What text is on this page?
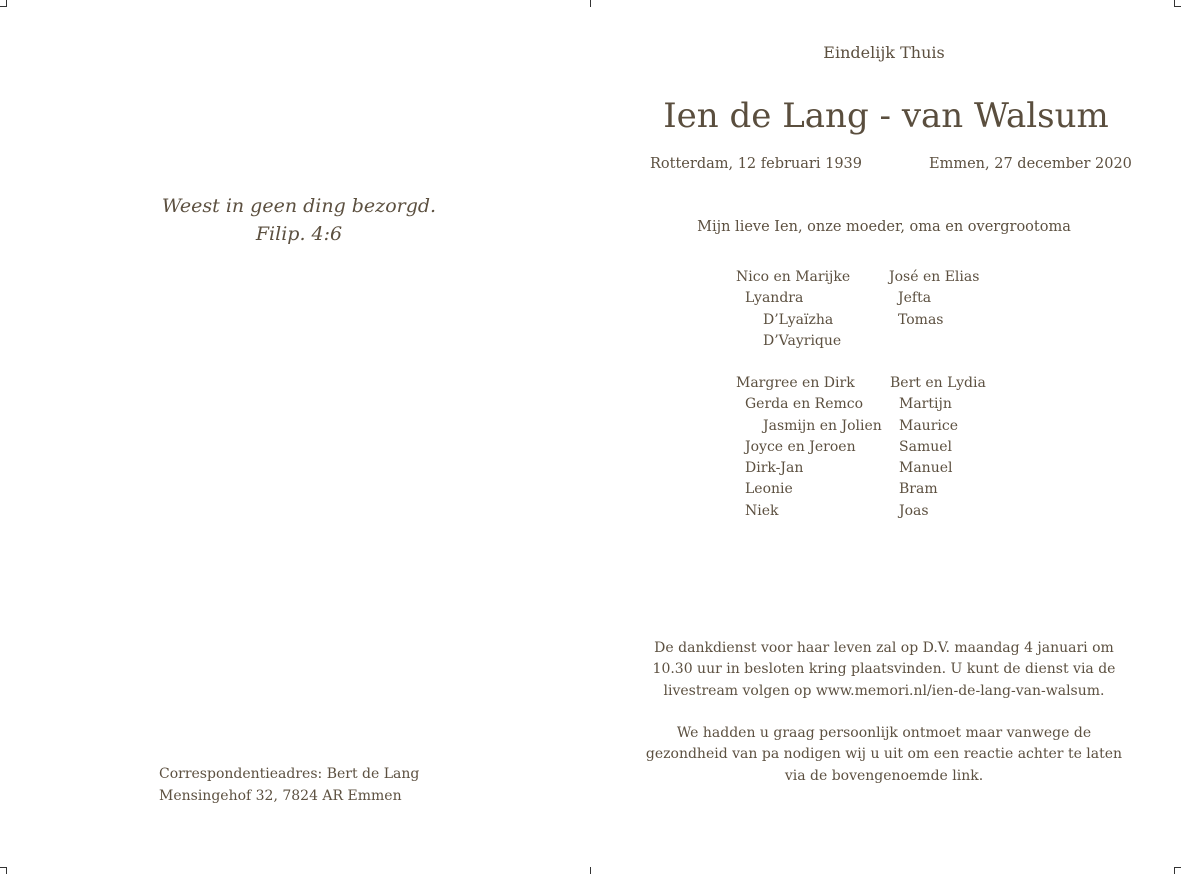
Weest in geen ding bezorgd.
Filip. 4:6
Correspondentieadres: Bert de Lang
Mensingehof 32, 7824 AR Emmen
Eindelijk Thuis
Ien de Lang - van Walsum
Rotterdam, 12 februari 1939	Emmen, 27 december 2020
Mijn lieve Ien, onze moeder, oma en overgrootoma
Nico en Marijke
Lyandra
D’Lyaïzha
D’Vayrique
José en Elias
Jefta
Tomas
Margree en Dirk
Gerda en Remco
Jasmijn en Jolien
Joyce en Jeroen
Dirk-Jan
Leonie
Niek
Bert en Lydia
Martijn
Maurice
Samuel
Manuel
Bram
Joas
De dankdienst voor haar leven zal op D.V. maandag 4 januari om 10.30 uur in besloten kring plaatsvinden. U kunt de dienst via de livestream volgen op www.memori.nl/ien-de-lang-van-walsum.
We hadden u graag persoonlijk ontmoet maar vanwege de gezondheid van pa nodigen wij u uit om een reactie achter te laten via de bovengenoemde link.
